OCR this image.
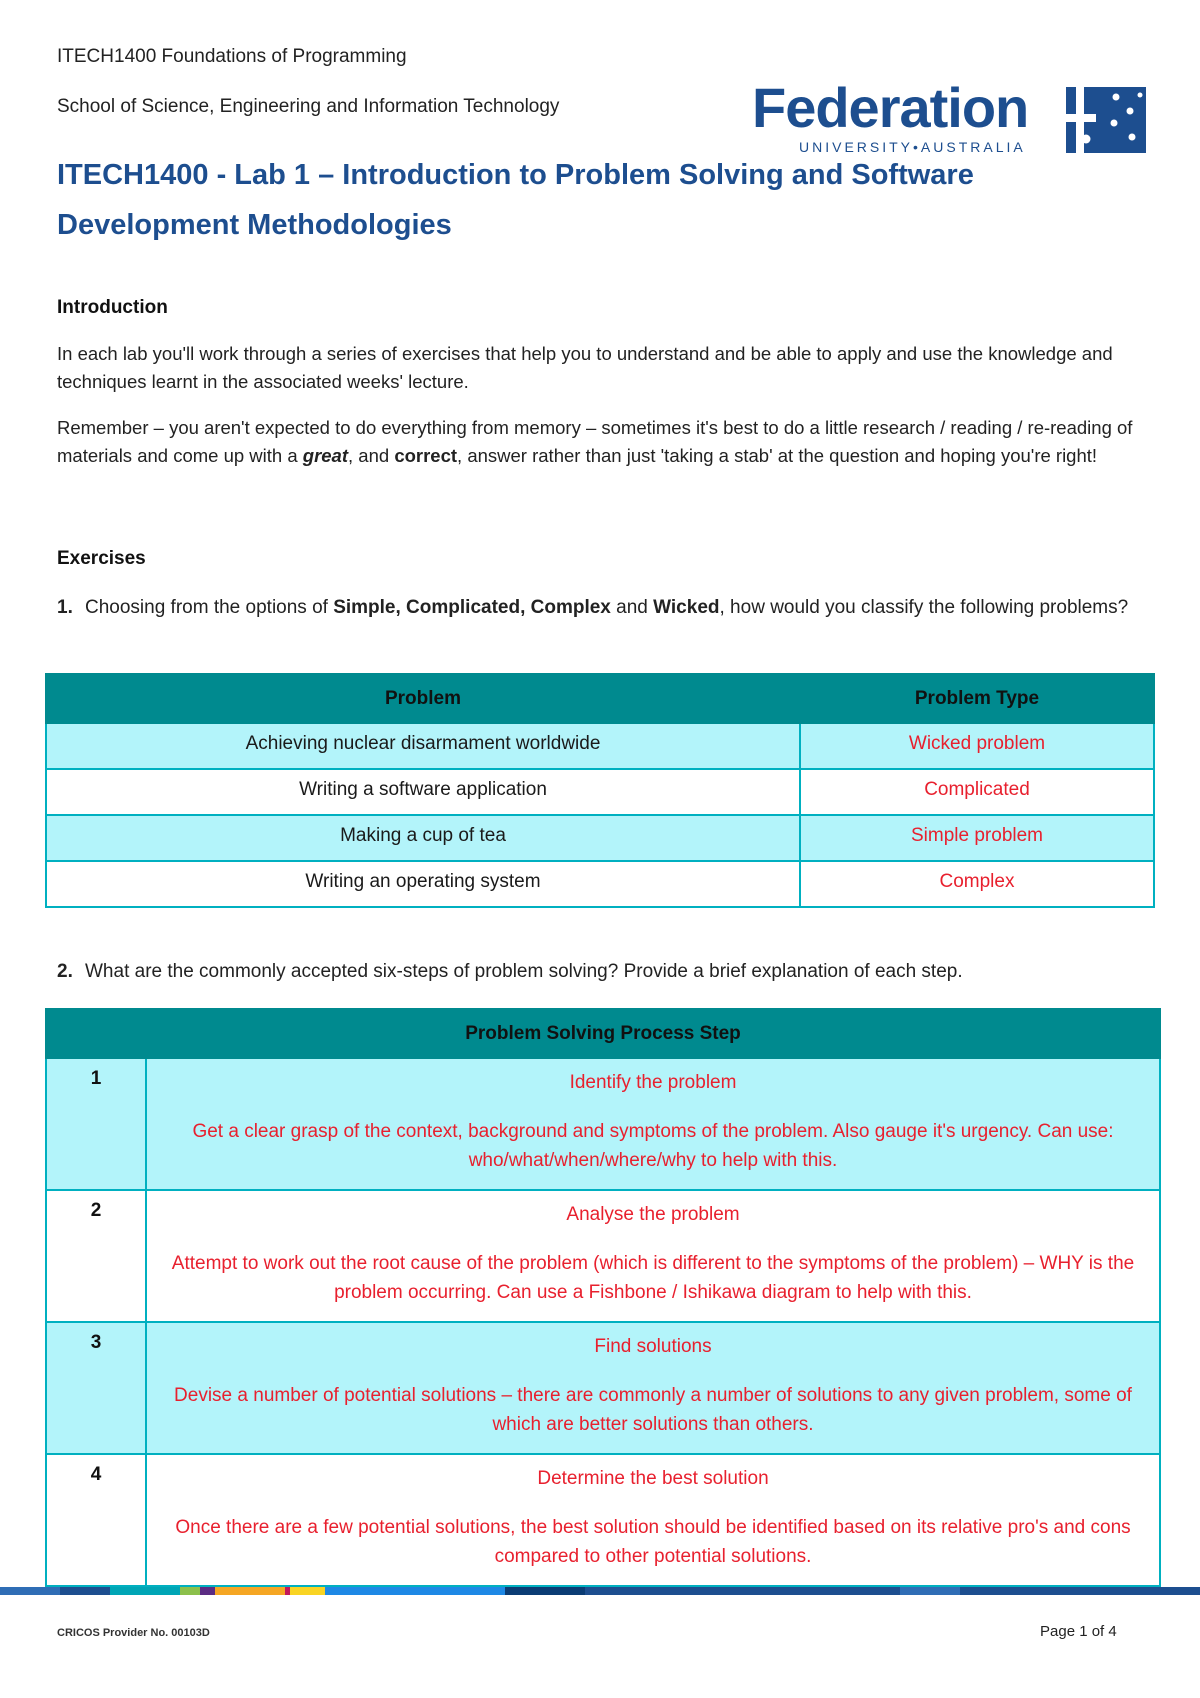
ITECH1400 Foundations of Programming
School of Science, Engineering and Information Technology	Federation
UNIVERSITY•AUSTRALIA
ITECH1400 - Lab 1 – Introduction to Problem Solving and Software Development Methodologies
Introduction

In each lab you'll work through a series of exercises that help you to understand and be able to apply and use the knowledge and techniques learnt in the associated weeks' lecture.

Remember – you aren't expected to do everything from memory – sometimes it's best to do a little research / reading / re-reading of materials and come up with a great, and correct, answer rather than just 'taking a stab' at the question and hoping you're right!

Exercises
1. Choosing from the options of Simple, Complicated, Complex and Wicked, how would you classify the following problems?
Problem	Problem Type
Achieving nuclear disarmament worldwide	Wicked problem
Writing a software application	Complicated
Making a cup of tea	Simple problem
Writing an operating system	Complex
2. What are the commonly accepted six-steps of problem solving? Provide a brief explanation of each step.
Problem Solving Process Step	
1	Identify the problem
Get a clear grasp of the context, background and symptoms of the problem. Also gauge it's urgency. Can use: who/what/when/where/why to help with this.
2	Analyse the problem
Attempt to work out the root cause of the problem (which is different to the symptoms of the problem) – WHY is the problem occurring. Can use a Fishbone / Ishikawa diagram to help with this.
3	Find solutions
Devise a number of potential solutions – there are commonly a number of solutions to any given problem, some of which are better solutions than others.
4	Determine the best solution
Once there are a few potential solutions, the best solution should be identified based on its relative pro's and cons compared to other potential solutions.
CRICOS Provider No. 00103D	Page 1 of 4
